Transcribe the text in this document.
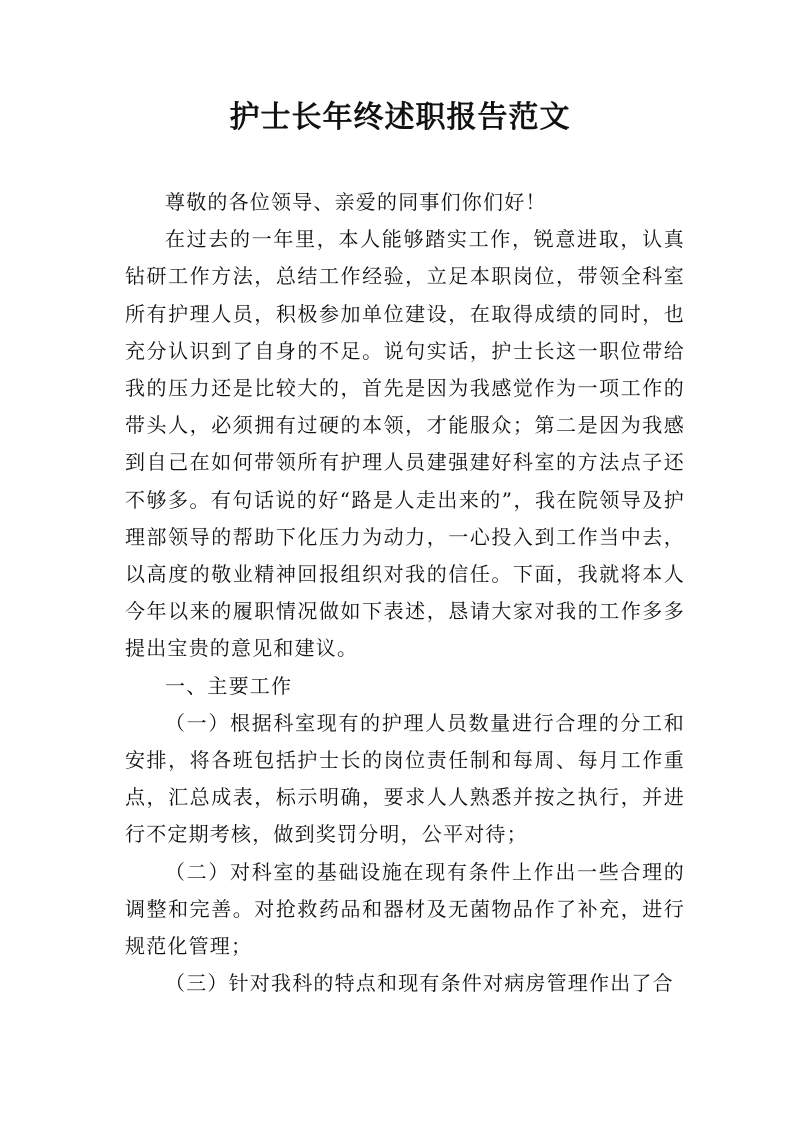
护士长年终述职报告范文

尊敬的各位领导、亲爱的同事们你们好！

在过去的一年里，本人能够踏实工作，锐意进取，认真钻研工作方法，总结工作经验，立足本职岗位，带领全科室所有护理人员，积极参加单位建设，在取得成绩的同时，也充分认识到了自身的不足。说句实话，护士长这一职位带给我的压力还是比较大的，首先是因为我感觉作为一项工作的带头人，必须拥有过硬的本领，才能服众；第二是因为我感到自己在如何带领所有护理人员建强建好科室的方法点子还不够多。有句话说的好“路是人走出来的”，我在院领导及护理部领导的帮助下化压力为动力，一心投入到工作当中去，以高度的敬业精神回报组织对我的信任。下面，我就将本人今年以来的履职情况做如下表述，恳请大家对我的工作多多提出宝贵的意见和建议。

一、主要工作

（一）根据科室现有的护理人员数量进行合理的分工和安排，将各班包括护士长的岗位责任制和每周、每月工作重点，汇总成表，标示明确，要求人人熟悉并按之执行，并进行不定期考核，做到奖罚分明，公平对待；

（二）对科室的基础设施在现有条件上作出一些合理的调整和完善。对抢救药品和器材及无菌物品作了补充，进行规范化管理；

（三）针对我科的特点和现有条件对病房管理作出了合
